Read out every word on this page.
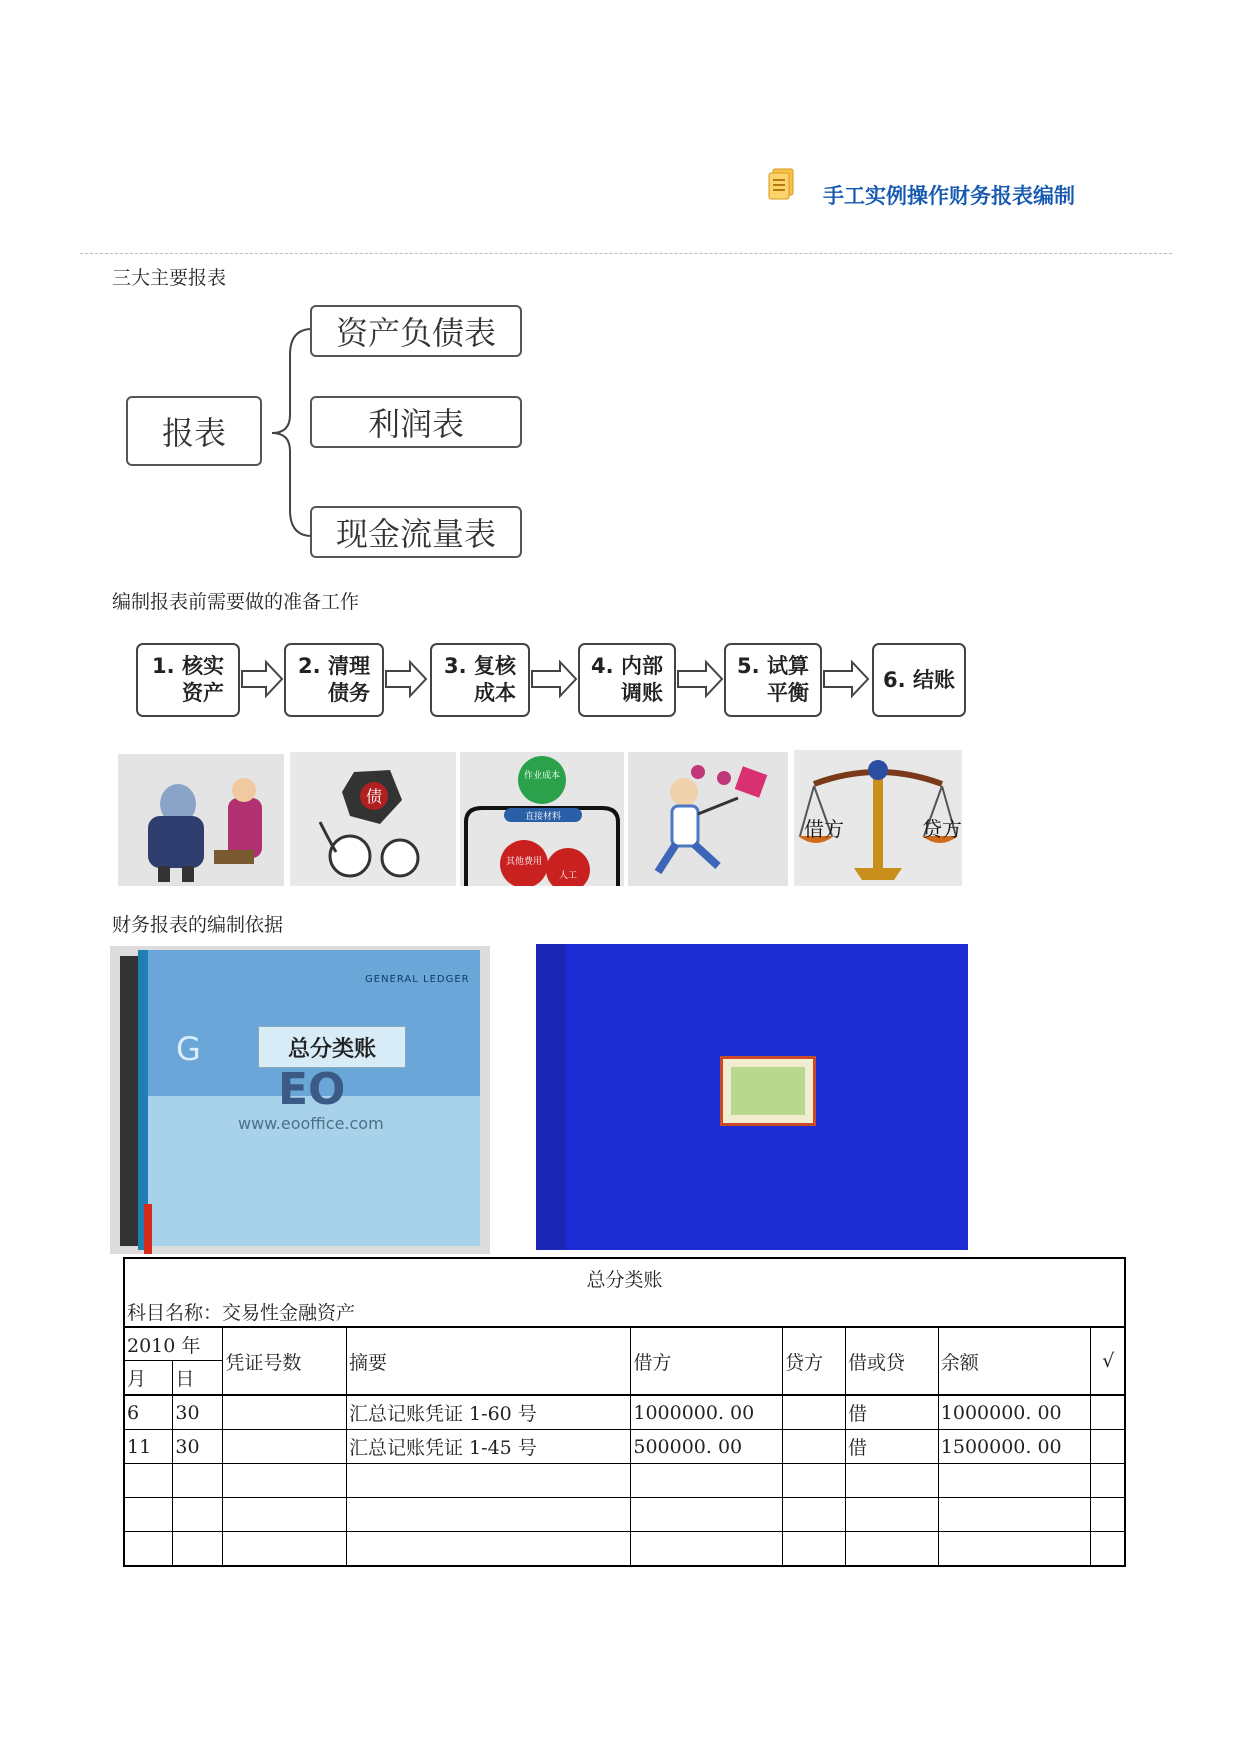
手工实例操作财务报表编制
三大主要报表
报表
资产负债表
利润表
现金流量表
编制报表前需要做的准备工作
1. 核实
资产
2. 清理
债务
3. 复核
成本
4. 内部
调账
5. 试算
平衡
6. 结账
债
作业成本
直接材料
其他费用
人工
借方	贷方
财务报表的编制依据
GENERAL LEDGER
总分类账
G
EO
www.eooffice.com
总分类账
科目名称：交易性金融资产
2010 年		凭证号数	摘要	借方	贷方	借或贷	余额	√
月	日							
6	30		汇总记账凭证 1-60 号	1000000. 00		借	1000000. 00	
11	30		汇总记账凭证 1-45 号	500000. 00		借	1500000. 00	
